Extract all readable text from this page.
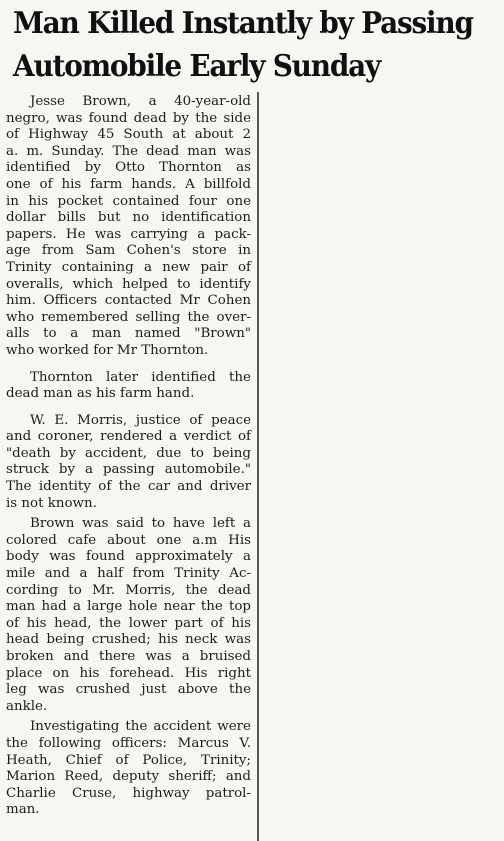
Man Killed Instantly by Passing
Automobile Early Sunday

Jesse Brown, a 40-year-old
negro, was found dead by the side
of Highway 45 South at about 2
a. m. Sunday. The dead man was
identified by Otto Thornton as
one of his farm hands. A billfold
in his pocket contained four one
dollar bills but no identification
papers. He was carrying a pack-
age from Sam Cohen's store in
Trinity containing a new pair of
overalls, which helped to identify
him. Officers contacted Mr Cohen
who remembered selling the over-
alls to a man named "Brown"
who worked for Mr Thornton.

Thornton later identified the
dead man as his farm hand.

W. E. Morris, justice of peace
and coroner, rendered a verdict of
"death by accident, due to being
struck by a passing automobile."
The identity of the car and driver
is not known.

Brown was said to have left a
colored cafe about one a.m His
body was found approximately a
mile and a half from Trinity Ac-
cording to Mr. Morris, the dead
man had a large hole near the top
of his head, the lower part of his
head being crushed; his neck was
broken and there was a bruised
place on his forehead. His right
leg was crushed just above the
ankle.

Investigating the accident were
the following officers: Marcus V.
Heath, Chief of Police, Trinity;
Marion Reed, deputy sheriff; and
Charlie Cruse, highway patrol-
man.
